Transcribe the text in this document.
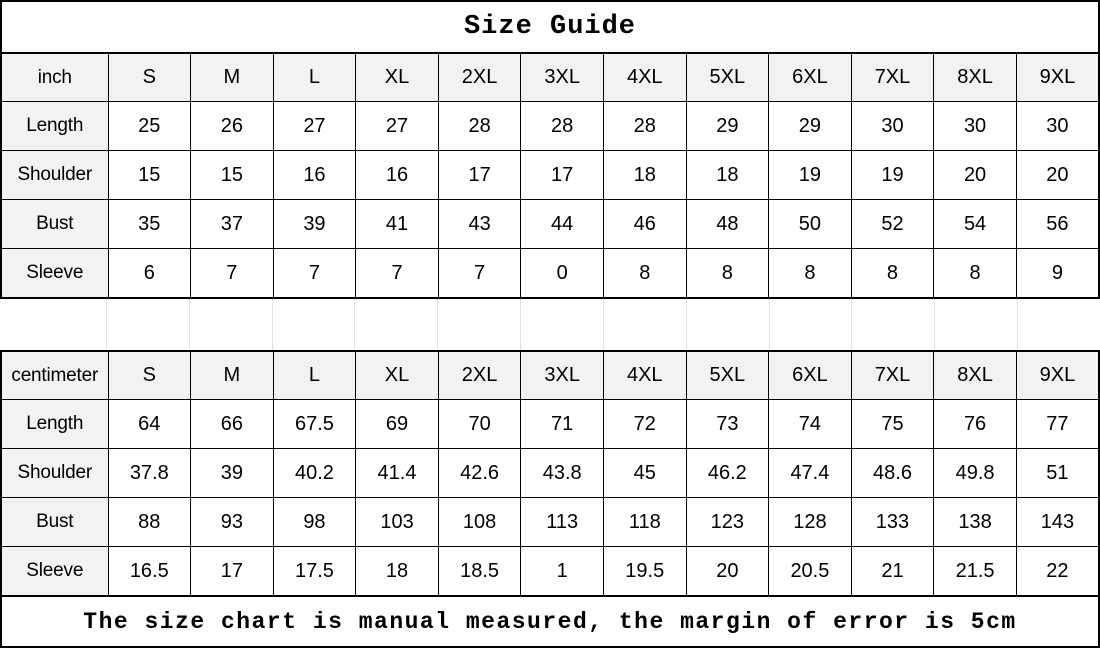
Size Guide
inch	S	M	L	XL	2XL	3XL	4XL	5XL	6XL	7XL	8XL	9XL
Length	25	26	27	27	28	28	28	29	29	30	30	30
Shoulder	15	15	16	16	17	17	18	18	19	19	20	20
Bust	35	37	39	41	43	44	46	48	50	52	54	56
Sleeve	6	7	7	7	7	0	8	8	8	8	8	9
centimeter	S	M	L	XL	2XL	3XL	4XL	5XL	6XL	7XL	8XL	9XL
Length	64	66	67.5	69	70	71	72	73	74	75	76	77
Shoulder	37.8	39	40.2	41.4	42.6	43.8	45	46.2	47.4	48.6	49.8	51
Bust	88	93	98	103	108	113	118	123	128	133	138	143
Sleeve	16.5	17	17.5	18	18.5	1	19.5	20	20.5	21	21.5	22
The size chart is manual measured, the margin of error is 5cm
